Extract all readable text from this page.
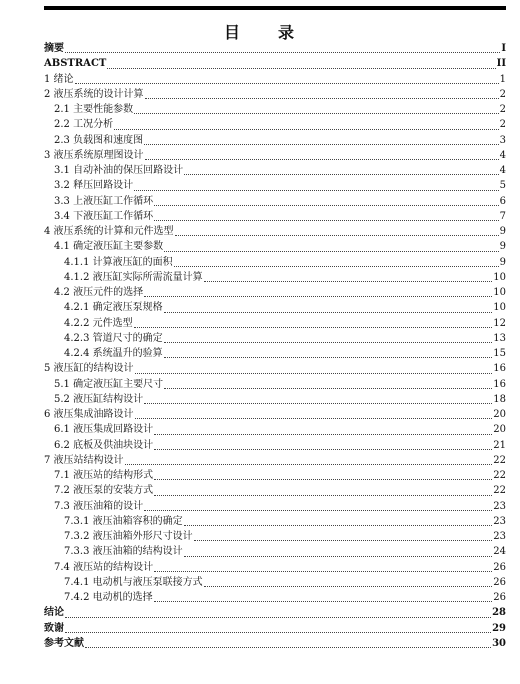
目 录
摘要	I
ABSTRACT	II
1 绪论	1
2 液压系统的设计计算	2
2.1 主要性能参数	2
2.2 工况分析	2
2.3 负载图和速度图	3
3 液压系统原理图设计	4
3.1 自动补油的保压回路设计	4
3.2 释压回路设计	5
3.3 上液压缸工作循环	6
3.4 下液压缸工作循环	7
4 液压系统的计算和元件选型	9
4.1 确定液压缸主要参数	9
4.1.1 计算液压缸的面积	9
4.1.2 液压缸实际所需流量计算	10
4.2 液压元件的选择	10
4.2.1 确定液压泵规格	10
4.2.2 元件选型	12
4.2.3 管道尺寸的确定	13
4.2.4 系统温升的验算	15
5 液压缸的结构设计	16
5.1 确定液压缸主要尺寸	16
5.2 液压缸结构设计	18
6 液压集成油路设计	20
6.1 液压集成回路设计	20
6.2 底板及供油块设计	21
7 液压站结构设计	22
7.1 液压站的结构形式	22
7.2 液压泵的安装方式	22
7.3 液压油箱的设计	23
7.3.1 液压油箱容积的确定	23
7.3.2 液压油箱外形尺寸设计	23
7.3.3 液压油箱的结构设计	24
7.4 液压站的结构设计	26
7.4.1 电动机与液压泵联接方式	26
7.4.2 电动机的选择	26
结论	28
致谢	29
参考文献	30
